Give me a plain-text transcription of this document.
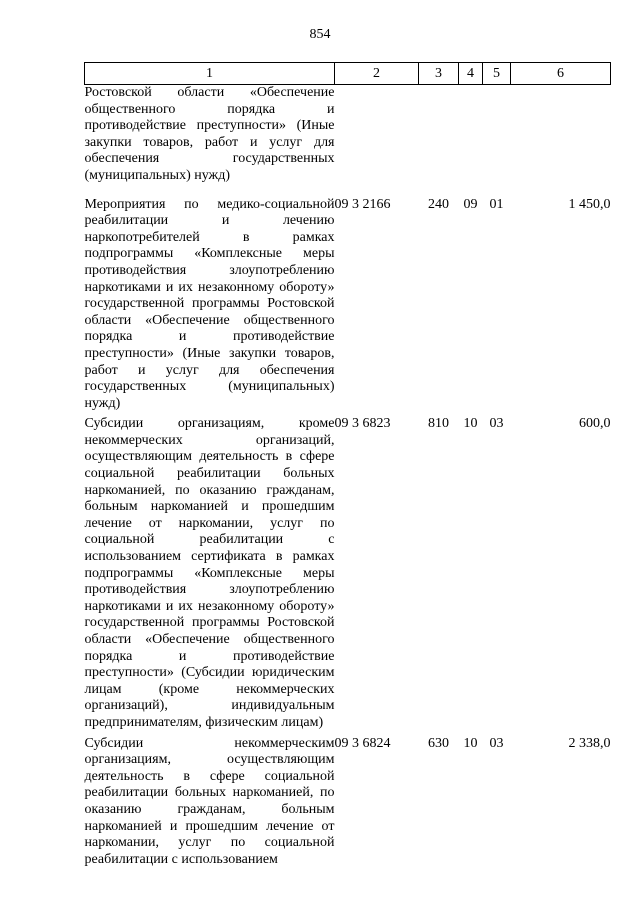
854
1	2	3	4	5	6
Ростовской области «Обеспечение общественного порядка и противодействие преступности» (Иные закупки товаров, работ и услуг для обеспечения государственных (муниципальных) нужд)					
Мероприятия по медико-социальной реабилитации и лечению наркопотребителей в рамках подпрограммы «Комплексные меры противодействия злоупотреблению наркотиками и их незаконному обороту» государственной программы Ростовской области «Обеспечение общественного порядка и противодействие преступности» (Иные закупки товаров, работ и услуг для обеспечения государственных (муниципальных) нужд)	09 3 2166	240	09	01	1 450,0
Субсидии организациям, кроме некоммерческих организаций, осуществляющим деятельность в сфере социальной реабилитации больных наркоманией, по оказанию гражданам, больным наркоманией и прошедшим лечение от наркомании, услуг по социальной реабилитации с использованием сертификата в рамках подпрограммы «Комплексные меры противодействия злоупотреблению наркотиками и их незаконному обороту» государственной программы Ростовской области «Обеспечение общественного порядка и противодействие преступности» (Субсидии юридическим лицам (кроме некоммерческих организаций), индивидуальным предпринимателям, физическим лицам)	09 3 6823	810	10	03	600,0
Субсидии некоммерческим организациям, осуществляющим деятельность в сфере социальной реабилитации больных наркоманией, по оказанию гражданам, больным наркоманией и прошедшим лечение от наркомании, услуг по социальной реабилитации с использованием	09 3 6824	630	10	03	2 338,0
